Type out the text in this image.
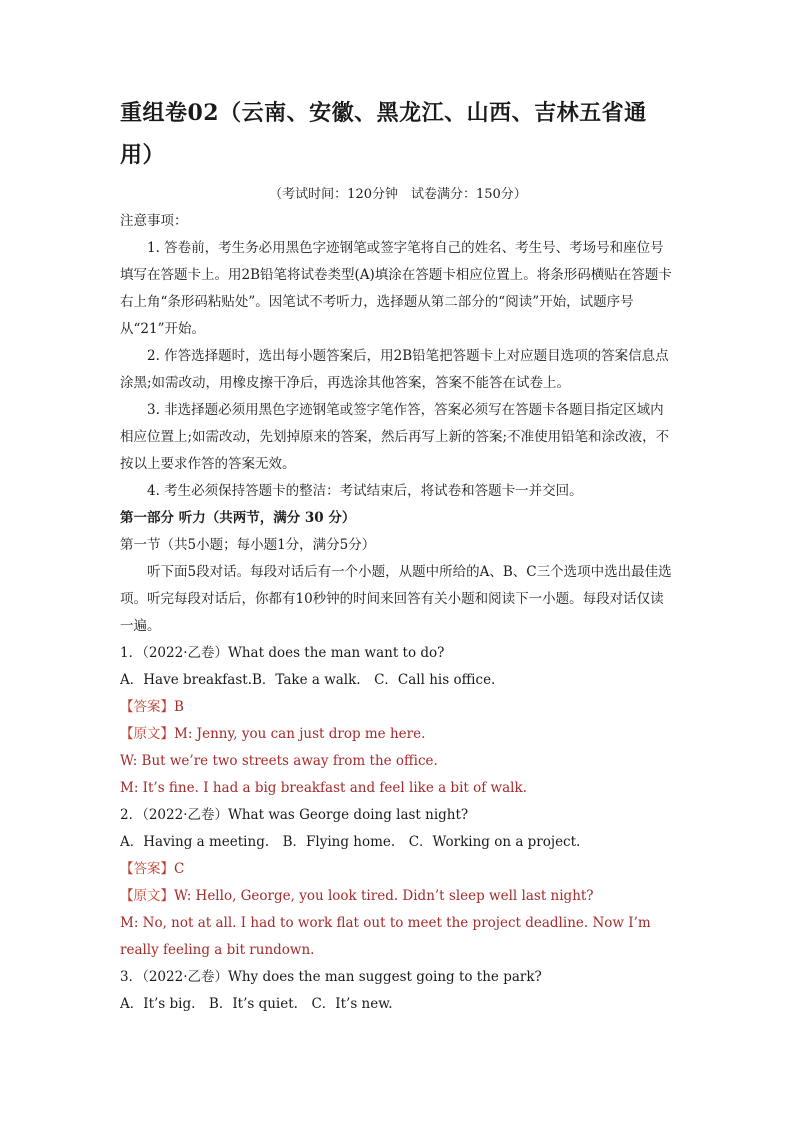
重组卷02（云南、安徽、黑龙江、山西、吉林五省通
用）
（考试时间：120分钟　试卷满分：150分）

注意事项：

1. 答卷前，考生务必用黑色字迹钢笔或签字笔将自己的姓名、考生号、考场号和座位号填写在答题卡上。用2B铅笔将试卷类型(A)填涂在答题卡相应位置上。将条形码横贴在答题卡右上角“条形码粘贴处”。因笔试不考听力，选择题从第二部分的“阅读”开始，试题序号从“21”开始。

2. 作答选择题时，选出每小题答案后，用2B铅笔把答题卡上对应题目选项的答案信息点涂黑;如需改动，用橡皮擦干净后，再选涂其他答案，答案不能答在试卷上。

3. 非选择题必须用黑色字迹钢笔或签字笔作答，答案必须写在答题卡各题目指定区域内相应位置上;如需改动，先划掉原来的答案，然后再写上新的答案;不准使用铅笔和涂改液，不按以上要求作答的答案无效。

4. 考生必须保持答题卡的整洁：考试结束后，将试卷和答题卡一并交回。

第一部分 听力（共两节，满分 30 分）

第一节（共5小题；每小题1分，满分5分）

听下面5段对话。每段对话后有一个小题，从题中所给的A、B、C三个选项中选出最佳选项。听完每段对话后，你都有10秒钟的时间来回答有关小题和阅读下一小题。每段对话仅读一遍。

1．（2022·乙卷）What does the man want to do?

A．Have breakfast.B．Take a walk.　C．Call his office.

【答案】B

【原文】M: Jenny, you can just drop me here.

W: But we’re two streets away from the office.

M: It’s fine. I had a big breakfast and feel like a bit of walk.

2．（2022·乙卷）What was George doing last night?

A．Having a meeting.　B．Flying home.　C．Working on a project.

【答案】C

【原文】W: Hello, George, you look tired. Didn’t sleep well last night?

M: No, not at all. I had to work flat out to meet the project deadline. Now I’m really feeling a bit rundown.

3．（2022·乙卷）Why does the man suggest going to the park?

A．It’s big.　B．It’s quiet.　C．It’s new.
